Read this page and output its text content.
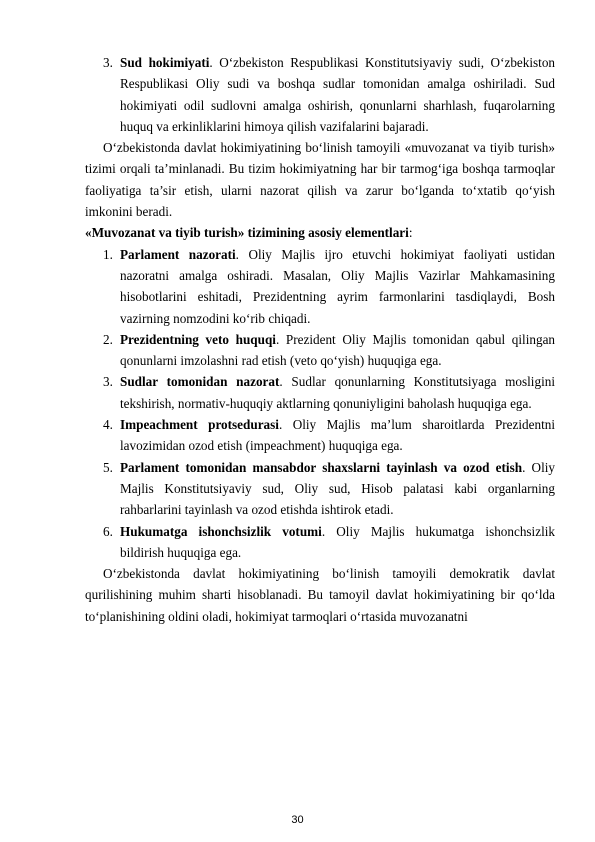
3. Sud hokimiyati. O‘zbekiston Respublikasi Konstitutsiyaviy sudi, O‘zbekiston Respublikasi Oliy sudi va boshqa sudlar tomonidan amalga oshiriladi. Sud hokimiyati odil sudlovni amalga oshirish, qonunlarni sharhlash, fuqarolarning huquq va erkinliklarini himoya qilish vazifalarini bajaradi.
O‘zbekistonda davlat hokimiyatining bo‘linish tamoyili «muvozanat va tiyib turish» tizimi orqali ta’minlanadi. Bu tizim hokimiyatning har bir tarmog‘iga boshqa tarmoqlar faoliyatiga ta’sir etish, ularni nazorat qilish va zarur bo‘lganda to‘xtatib qo‘yish imkonini beradi.
«Muvozanat va tiyib turish» tizimining asosiy elementlari:
1. Parlament nazorati. Oliy Majlis ijro etuvchi hokimiyat faoliyati ustidan nazoratni amalga oshiradi. Masalan, Oliy Majlis Vazirlar Mahkamasining hisobotlarini eshitadi, Prezidentning ayrim farmonlarini tasdiqlaydi, Bosh vazirning nomzodini ko‘rib chiqadi.
2. Prezidentning veto huquqi. Prezident Oliy Majlis tomonidan qabul qilingan qonunlarni imzolashni rad etish (veto qo‘yish) huquqiga ega.
3. Sudlar tomonidan nazorat. Sudlar qonunlarning Konstitutsiyaga mosligini tekshirish, normativ-huquqiy aktlarning qonuniyligini baholash huquqiga ega.
4. Impeachment protsedurasi. Oliy Majlis ma’lum sharoitlarda Prezidentni lavozimidan ozod etish (impeachment) huquqiga ega.
5. Parlament tomonidan mansabdor shaxslarni tayinlash va ozod etish. Oliy Majlis Konstitutsiyaviy sud, Oliy sud, Hisob palatasi kabi organlarning rahbarlarini tayinlash va ozod etishda ishtirok etadi.
6. Hukumatga ishonchsizlik votumi. Oliy Majlis hukumatga ishonchsizlik bildirish huquqiga ega.
O‘zbekistonda davlat hokimiyatining bo‘linish tamoyili demokratik davlat qurilishining muhim sharti hisoblanadi. Bu tamoyil davlat hokimiyatining bir qo‘lda to‘planishining oldini oladi, hokimiyat tarmoqlari o‘rtasida muvozanatni
30
